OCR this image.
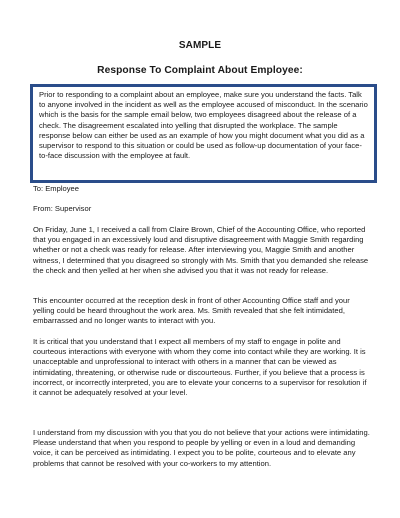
SAMPLE
Response To Complaint About Employee:

Prior to responding to a complaint about an employee, make sure you understand the facts. Talk to anyone involved in the incident as well as the employee accused of misconduct. In the scenario which is the basis for the sample email below, two employees disagreed about the release of a check. The disagreement escalated into yelling that disrupted the workplace. The sample response below can either be used as an example of how you might document what you did as a supervisor to respond to this situation or could be used as follow-up documentation of your face-to-face discussion with the employee at fault.

To: Employee

From: Supervisor

On Friday, June 1, I received a call from Claire Brown, Chief of the Accounting Office, who reported that you engaged in an excessively loud and disruptive disagreement with Maggie Smith regarding whether or not a check was ready for release. After interviewing you, Maggie Smith and another witness, I determined that you disagreed so strongly with Ms. Smith that you demanded she release the check and then yelled at her when she advised you that it was not ready for release.

This encounter occurred at the reception desk in front of other Accounting Office staff and your yelling could be heard throughout the work area. Ms. Smith revealed that she felt intimidated, embarrassed and no longer wants to interact with you.

It is critical that you understand that I expect all members of my staff to engage in polite and courteous interactions with everyone with whom they come into contact while they are working. It is unacceptable and unprofessional to interact with others in a manner that can be viewed as intimidating, threatening, or otherwise rude or discourteous. Further, if you believe that a process is incorrect, or incorrectly interpreted, you are to elevate your concerns to a supervisor for resolution if it cannot be adequately resolved at your level.

I understand from my discussion with you that you do not believe that your actions were intimidating. Please understand that when you respond to people by yelling or even in a loud and demanding voice, it can be perceived as intimidating. I expect you to be polite, courteous and to elevate any problems that cannot be resolved with your co-workers to my attention.
